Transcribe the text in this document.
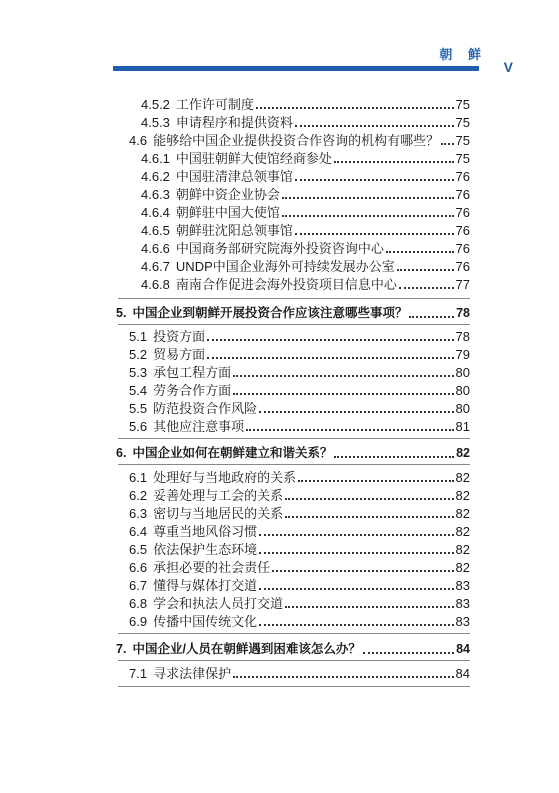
朝 鲜
V
4.5.2 工作许可制度	75
4.5.3 申请程序和提供资料	75
4.6 能够给中国企业提供投资合作咨询的机构有哪些？ 75
4.6.1 中国驻朝鲜大使馆经商参处	75
4.6.2 中国驻清津总领事馆	76
4.6.3 朝鲜中资企业协会	76
4.6.4 朝鲜驻中国大使馆	76
4.6.5 朝鲜驻沈阳总领事馆	76
4.6.6 中国商务部研究院海外投资咨询中心	76
4.6.7 UNDP中国企业海外可持续发展办公室	76
4.6.8 南南合作促进会海外投资项目信息中心	77
5. 中国企业到朝鲜开展投资合作应该注意哪些事项？	78
5.1 投资方面	78
5.2 贸易方面	79
5.3 承包工程方面	80
5.4 劳务合作方面	80
5.5 防范投资合作风险	80
5.6 其他应注意事项	81
6. 中国企业如何在朝鲜建立和谐关系？	82
6.1 处理好与当地政府的关系	82
6.2 妥善处理与工会的关系	82
6.3 密切与当地居民的关系	82
6.4 尊重当地风俗习惯	82
6.5 依法保护生态环境	82
6.6 承担必要的社会责任	82
6.7 懂得与媒体打交道	83
6.8 学会和执法人员打交道	83
6.9 传播中国传统文化	83
7. 中国企业/人员在朝鲜遇到困难该怎么办？	84
7.1 寻求法律保护	84
